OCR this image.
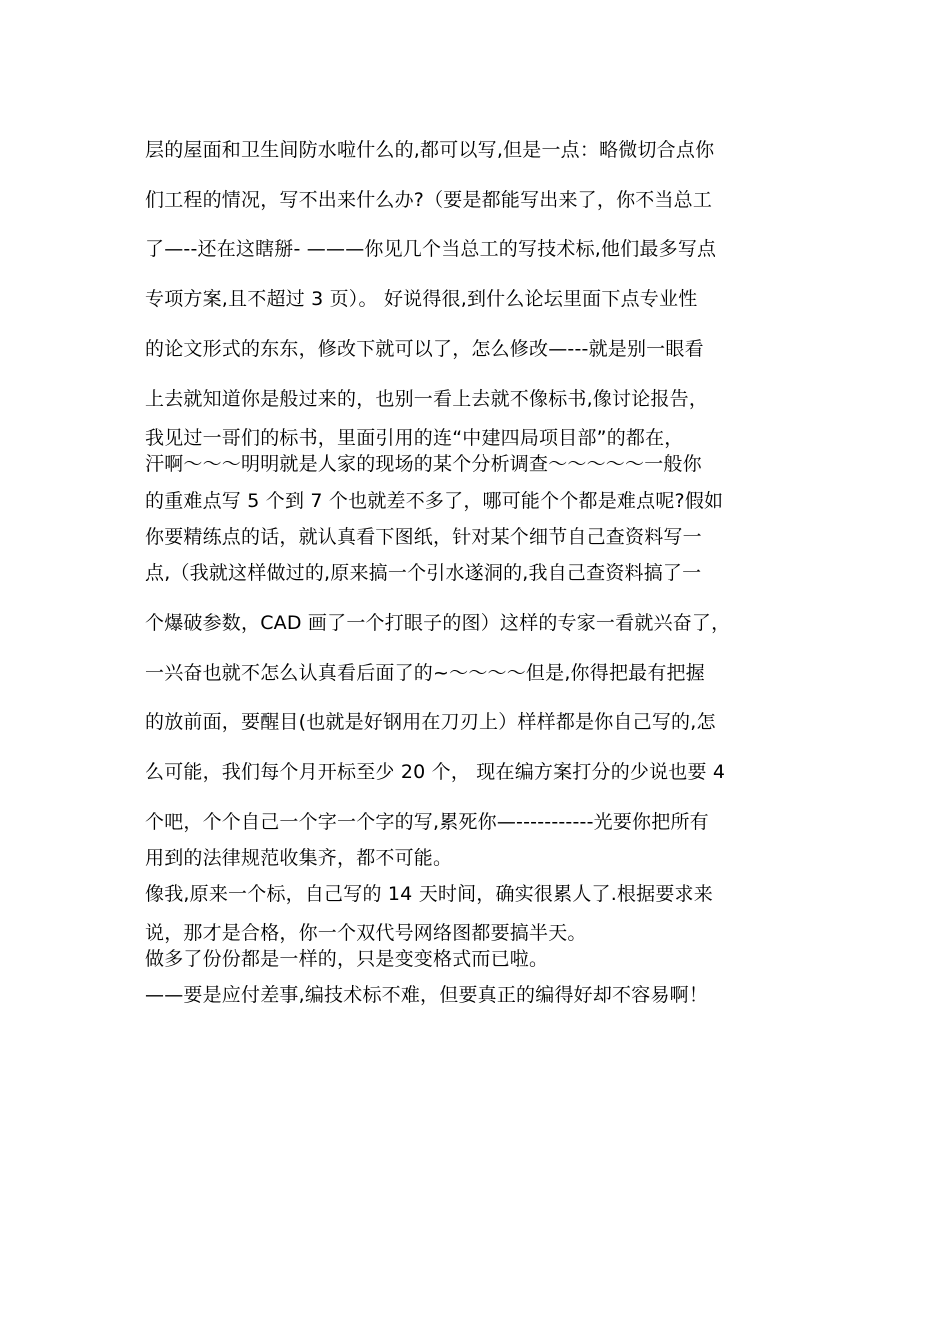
层的屋面和卫生间防水啦什么的,都可以写,但是一点：略微切合点你
们工程的情况，写不出来什么办?（要是都能写出来了，你不当总工
了—--还在这瞎掰- ———你见几个当总工的写技术标,他们最多写点
专项方案,且不超过 3 页）。 好说得很,到什么论坛里面下点专业性
的论文形式的东东，修改下就可以了，怎么修改—---就是别一眼看
上去就知道你是般过来的，也别一看上去就不像标书,像讨论报告，
我见过一哥们的标书，里面引用的连“中建四局项目部”的都在，
汗啊～～～明明就是人家的现场的某个分析调查～～～～～一般你
的重难点写 5 个到 7 个也就差不多了，哪可能个个都是难点呢?假如
你要精练点的话，就认真看下图纸，针对某个细节自己查资料写一
点,（我就这样做过的,原来搞一个引水遂洞的,我自己查资料搞了一
个爆破参数，CAD 画了一个打眼子的图）这样的专家一看就兴奋了，
一兴奋也就不怎么认真看后面了的~～～～～但是,你得把最有把握
的放前面，要醒目(也就是好钢用在刀刃上）样样都是你自己写的,怎
么可能，我们每个月开标至少 20 个， 现在编方案打分的少说也要 4
个吧，个个自己一个字一个字的写,累死你—-----------光要你把所有
用到的法律规范收集齐，都不可能。
像我,原来一个标，自己写的 14 天时间，确实很累人了.根据要求来
说，那才是合格，你一个双代号网络图都要搞半天。
做多了份份都是一样的，只是变变格式而已啦。
——要是应付差事,编技术标不难，但要真正的编得好却不容易啊！
